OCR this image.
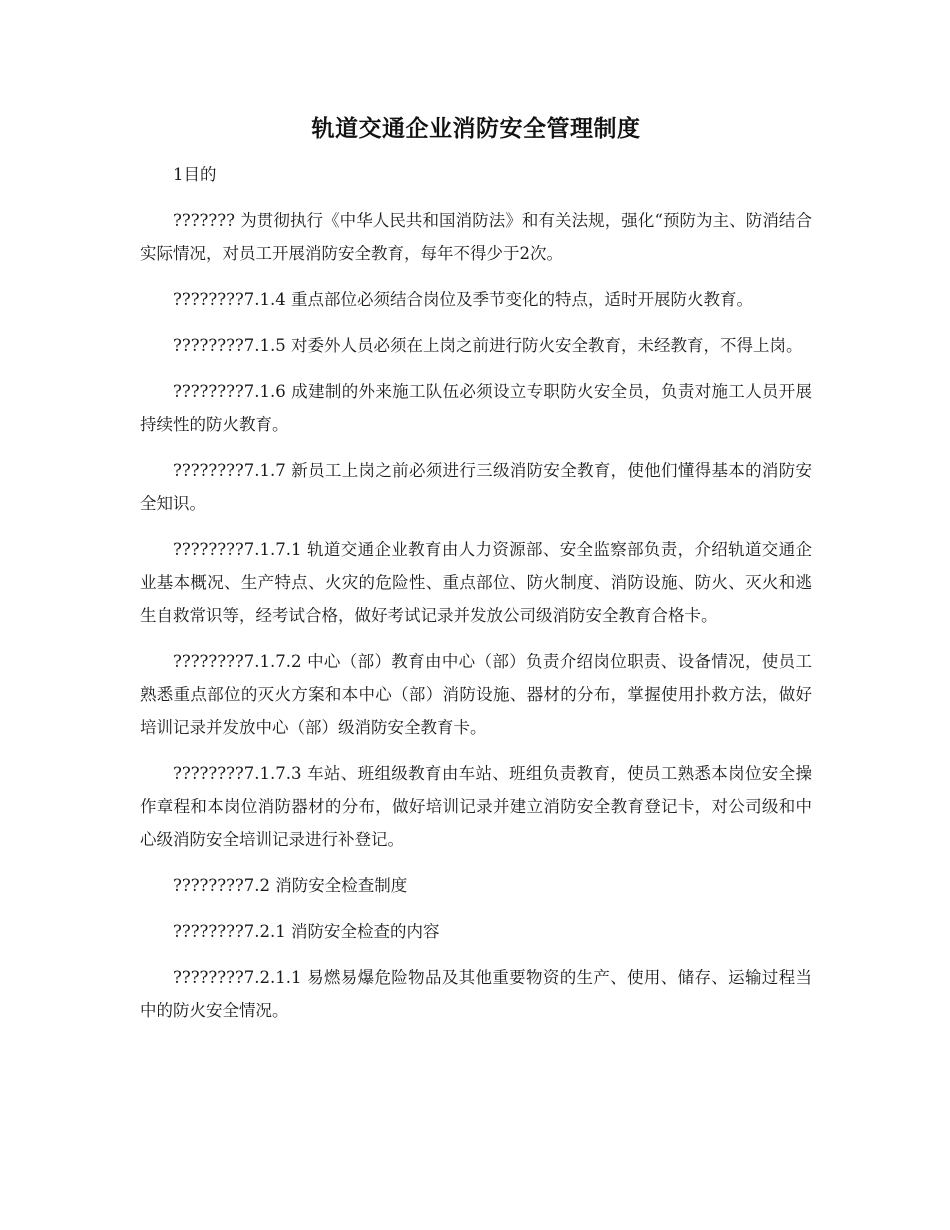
轨道交通企业消防安全管理制度

1目的

??????? 为贯彻执行《中华人民共和国消防法》和有关法规，强化“预防为主、防消结合实际情况，对员工开展消防安全教育，每年不得少于2次。

????????7.1.4 重点部位必须结合岗位及季节变化的特点，适时开展防火教育。

????????7.1.5 对委外人员必须在上岗之前进行防火安全教育，未经教育，不得上岗。

????????7.1.6 成建制的外来施工队伍必须设立专职防火安全员，负责对施工人员开展持续性的防火教育。

????????7.1.7 新员工上岗之前必须进行三级消防安全教育，使他们懂得基本的消防安全知识。

????????7.1.7.1 轨道交通企业教育由人力资源部、安全监察部负责，介绍轨道交通企业基本概况、生产特点、火灾的危险性、重点部位、防火制度、消防设施、防火、灭火和逃生自救常识等，经考试合格，做好考试记录并发放公司级消防安全教育合格卡。

????????7.1.7.2 中心（部）教育由中心（部）负责介绍岗位职责、设备情况，使员工熟悉重点部位的灭火方案和本中心（部）消防设施、器材的分布，掌握使用扑救方法，做好培训记录并发放中心（部）级消防安全教育卡。

????????7.1.7.3 车站、班组级教育由车站、班组负责教育，使员工熟悉本岗位安全操作章程和本岗位消防器材的分布，做好培训记录并建立消防安全教育登记卡，对公司级和中心级消防安全培训记录进行补登记。

????????7.2 消防安全检查制度

????????7.2.1 消防安全检查的内容

????????7.2.1.1 易燃易爆危险物品及其他重要物资的生产、使用、储存、运输过程当中的防火安全情况。
